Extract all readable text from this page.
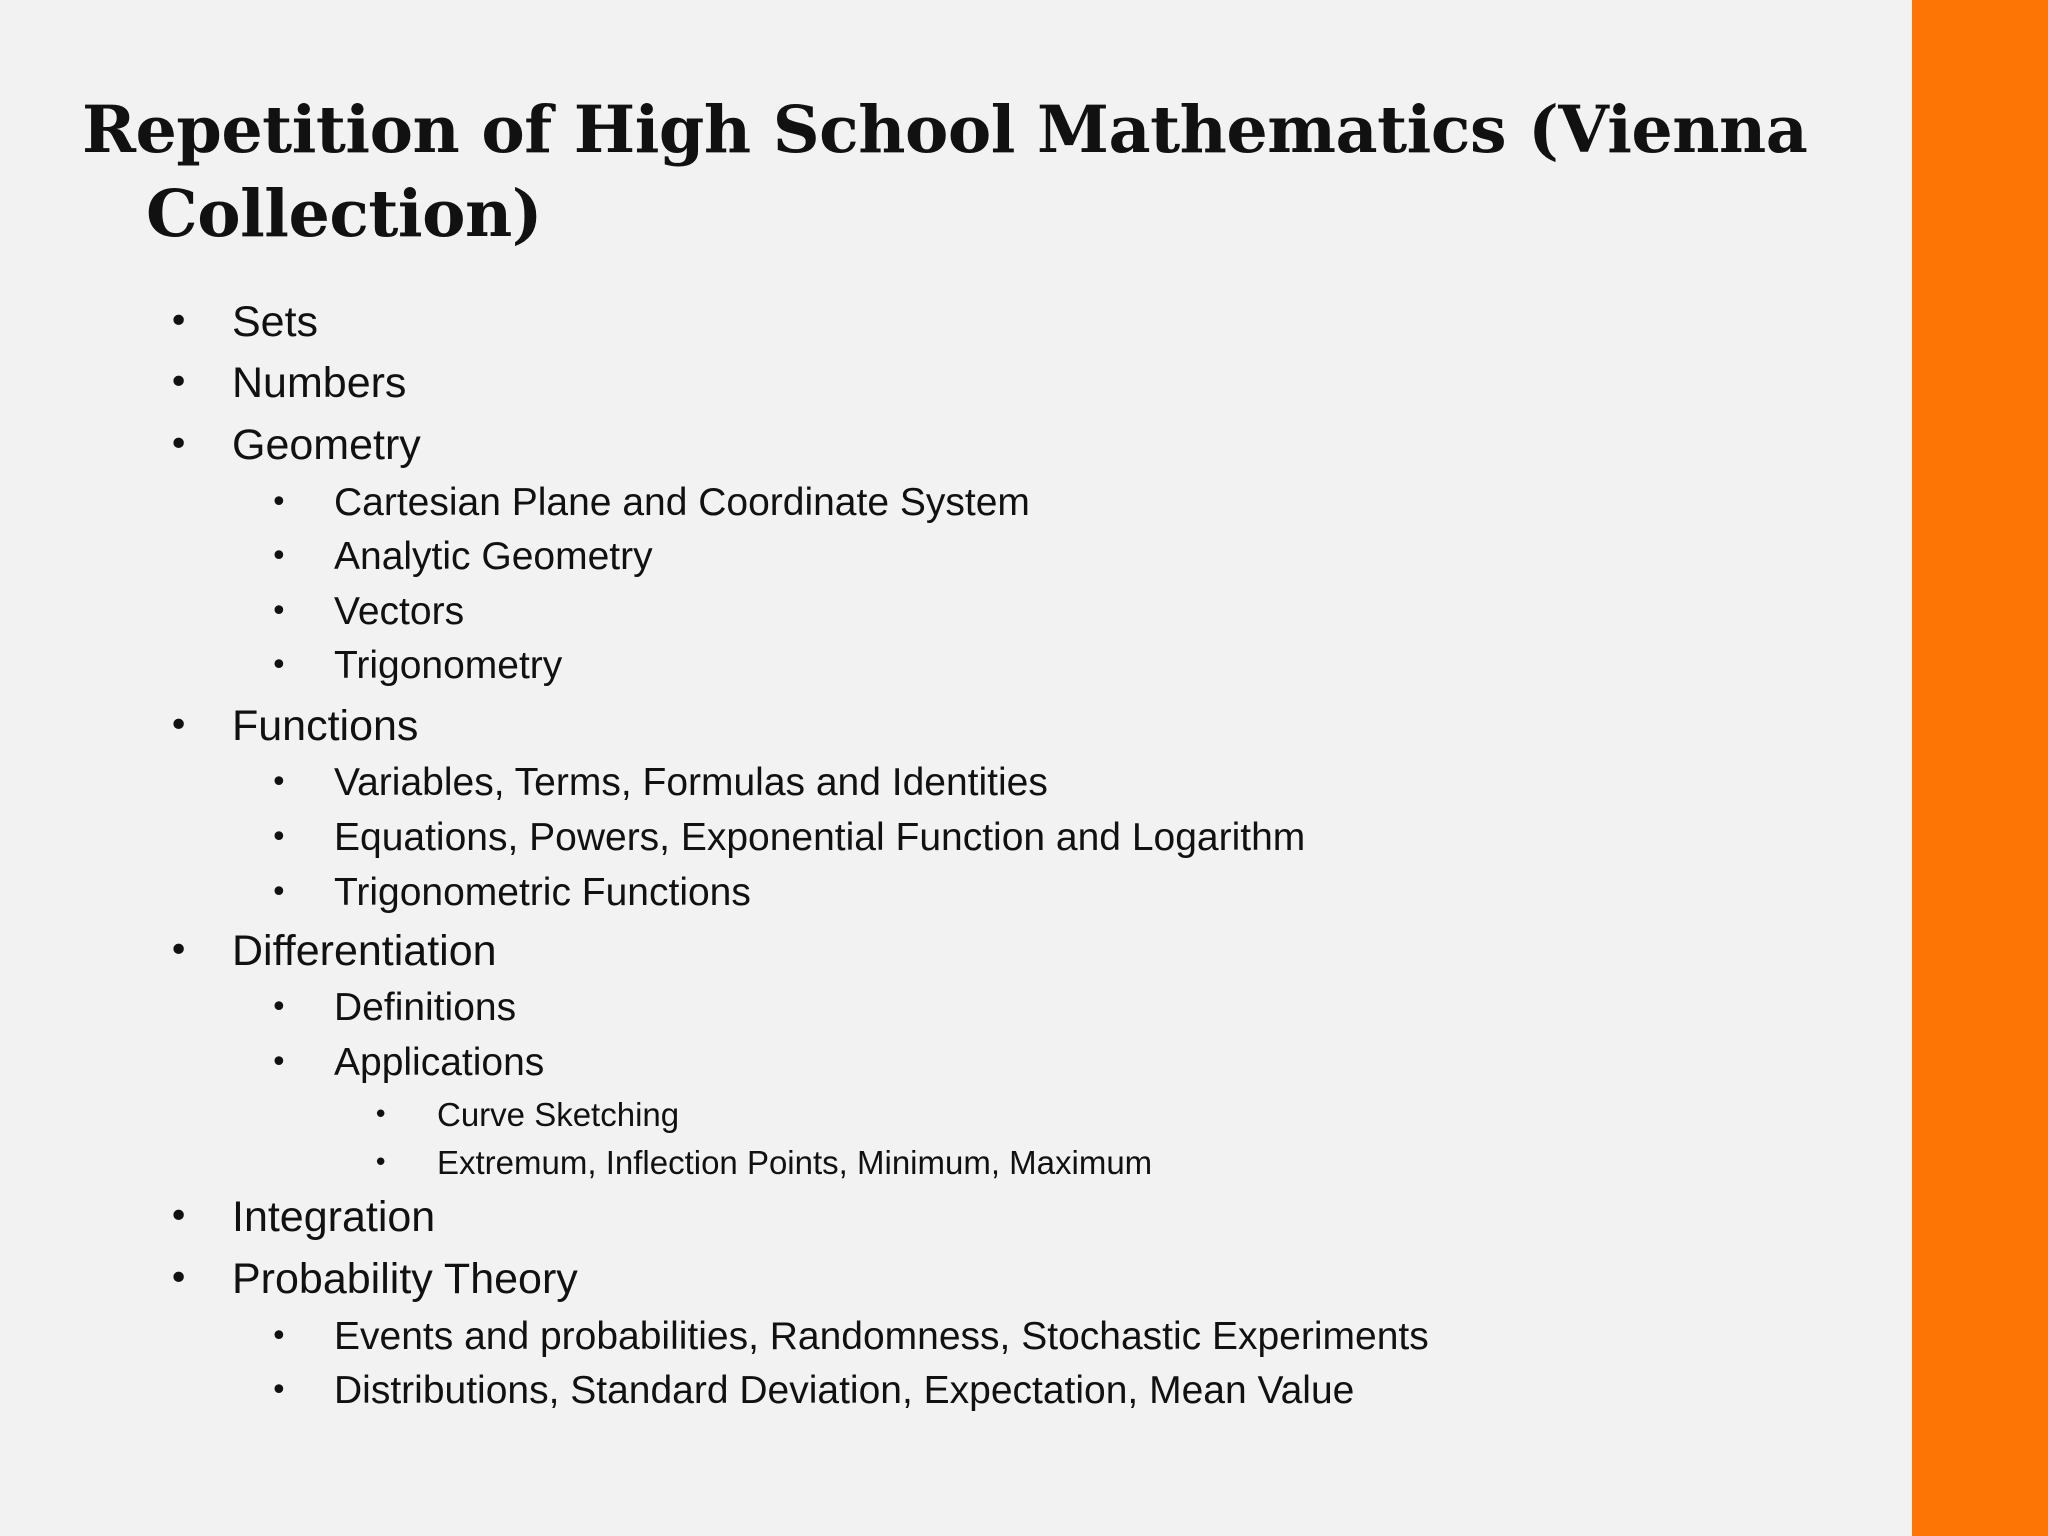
Repetition of High School Mathematics (Vienna Collection)
• Sets
• Numbers
• Geometry
• Cartesian Plane and Coordinate System
• Analytic Geometry
• Vectors
• Trigonometry
• Functions
• Variables, Terms, Formulas and Identities
• Equations, Powers, Exponential Function and Logarithm
• Trigonometric Functions
• Differentiation
• Definitions
• Applications
• Curve Sketching
• Extremum, Inflection Points, Minimum, Maximum
• Integration
• Probability Theory
• Events and probabilities, Randomness, Stochastic Experiments
• Distributions, Standard Deviation, Expectation, Mean Value
